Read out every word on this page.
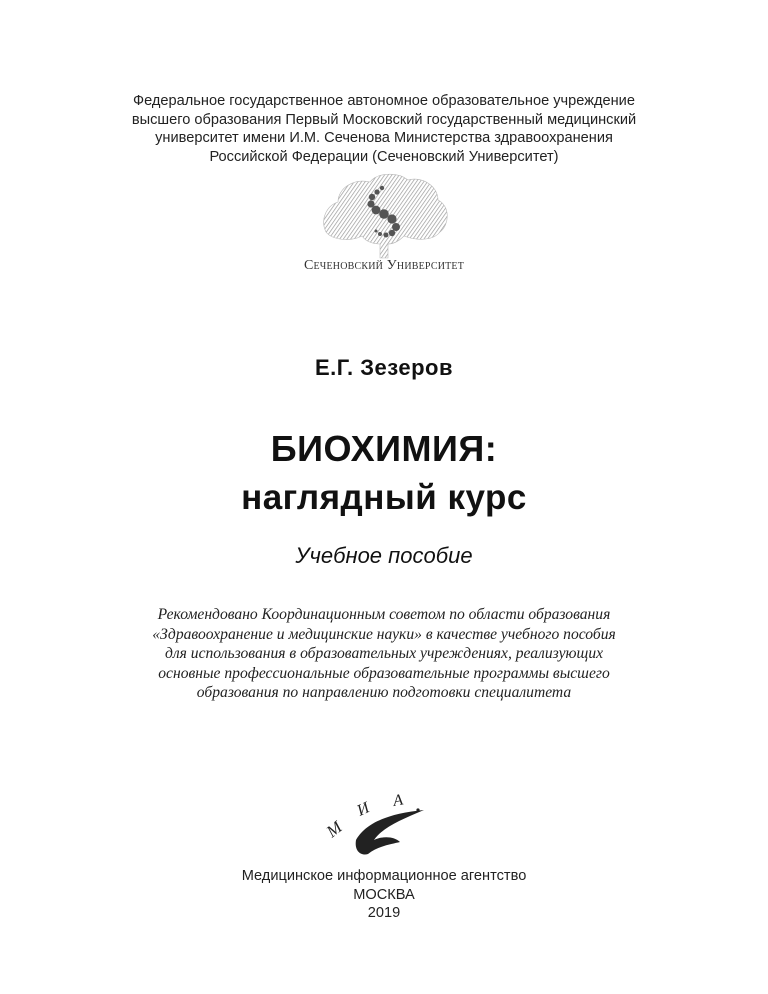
Федеральное государственное автономное образовательное учреждение
высшего образования Первый Московский государственный медицинский
университет имени И.М. Сеченова Министерства здравоохранения
Российской Федерации (Сеченовский Университет)
Сеченовский Университет
Е.Г. Зезеров
БИОХИМИЯ:
наглядный курс
Учебное пособие
Рекомендовано Координационным советом по области образования
«Здравоохранение и медицинские науки» в качестве учебного пособия
для использования в образовательных учреждениях, реализующих
основные профессиональные образовательные программы высшего
образования по направлению подготовки специалитета
М
И А
Медицинское информационное агентство
МОСКВА
2019
